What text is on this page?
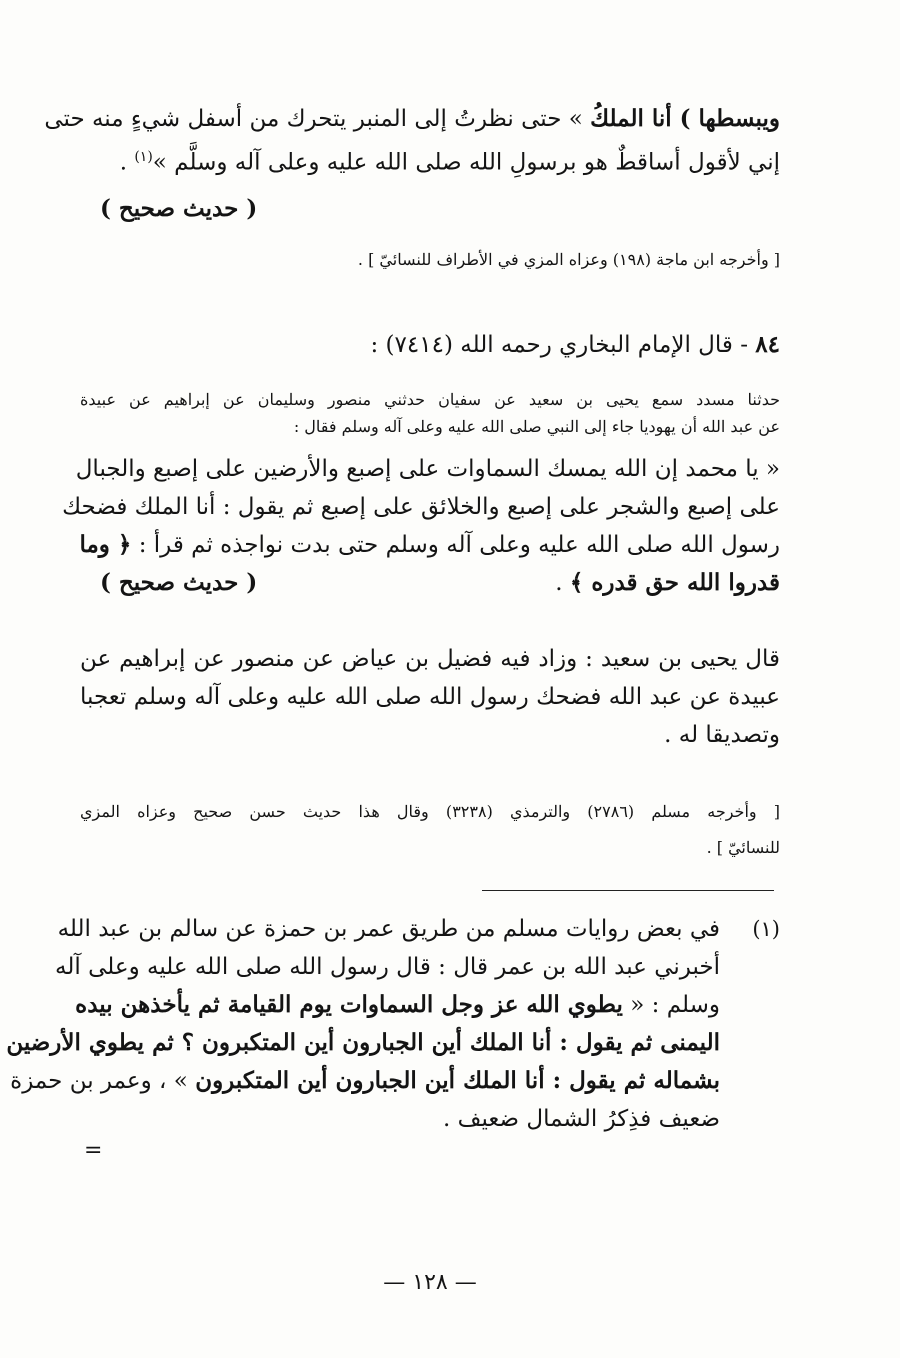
ويبسطها ) أنا الملكُ » حتى نظرتُ إلى المنبر يتحرك من أسفل شيءٍ منه حتى
إني لأقول أساقطٌ هو برسولِ الله صلى الله عليه وعلى آله وسلَّم »$^{(١)}$ .
( حديث صحيح )
[ وأخرجه ابن ماجة (١٩٨) وعزاه المزي في الأطراف للنسائيّ ] .
٨٤ - قال الإمام البخاري رحمه الله (٧٤١٤) :
حدثنا مسدد سمع يحيى بن سعيد عن سفيان حدثني منصور وسليمان عن إبراهيم عن عبيدة
عن عبد الله أن يهوديا جاء إلى النبي صلى الله عليه وعلى آله وسلم فقال :
« يا محمد إن الله يمسك السماوات على إصبع والأرضين على إصبع والجبال
على إصبع والشجر على إصبع والخلائق على إصبع ثم يقول : أنا الملك فضحك
رسول الله صلى الله عليه وعلى آله وسلم حتى بدت نواجذه ثم قرأ : ﴿ وما
قدروا الله حق قدره ﴾ .
( حديث صحيح )
قال يحيى بن سعيد : وزاد فيه فضيل بن عياض عن منصور عن إبراهيم عن
عبيدة عن عبد الله فضحك رسول الله صلى الله عليه وعلى آله وسلم تعجبا
وتصديقا له .
[ وأخرجه مسلم (٢٧٨٦) والترمذي (٣٢٣٨) وقال هذا حديث حسن صحيح وعزاه المزي
للنسائيّ ] .
(١)
في بعض روايات مسلم من طريق عمر بن حمزة عن سالم بن عبد الله
أخبرني عبد الله بن عمر قال : قال رسول الله صلى الله عليه وعلى آله
وسلم : « يطوي الله عز وجل السماوات يوم القيامة ثم يأخذهن بيده
اليمنى ثم يقول : أنا الملك أين الجبارون أين المتكبرون ؟ ثم يطوي الأرضين
بشماله ثم يقول : أنا الملك أين الجبارون أين المتكبرون » ، وعمر بن حمزة
ضعيف فذِكرُ الشمال ضعيف .
=
— ١٢٨ —
